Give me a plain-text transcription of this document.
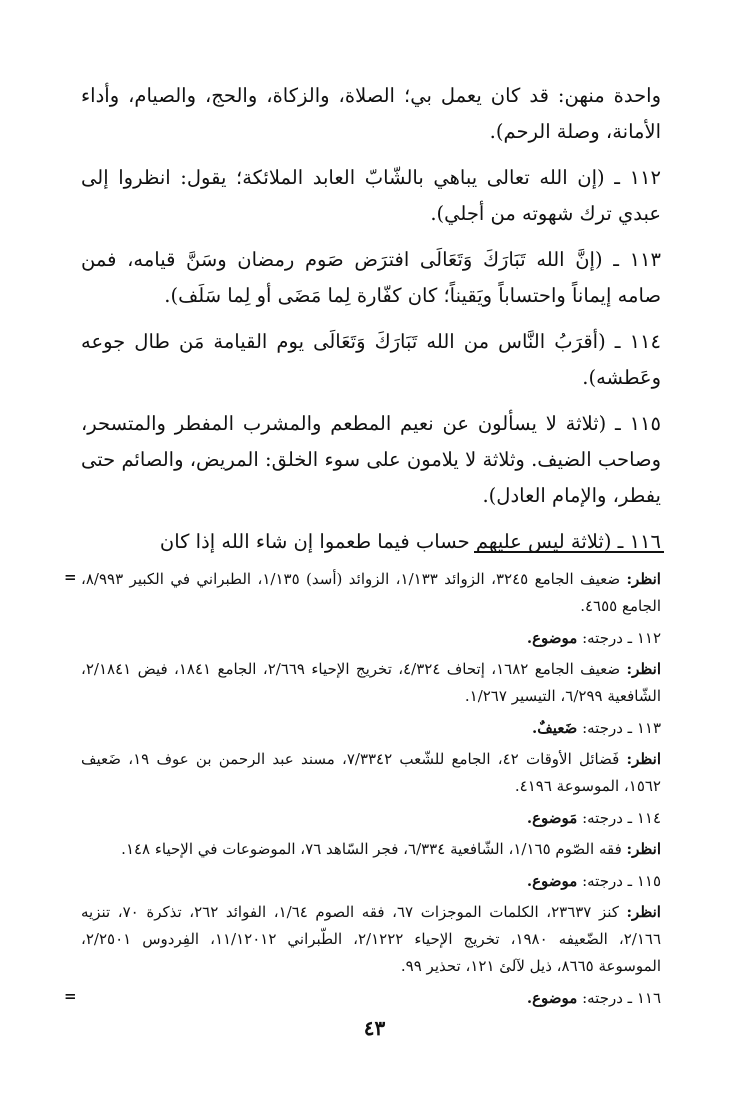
واحدة منهن: قد كان يعمل بي؛ الصلاة، والزكاة، والحج، والصيام، وأداء الأمانة، وصلة الرحم).

١١٢ ـ (إن الله تعالى يباهي بالشّابّ العابد الملائكة؛ يقول: انظروا إلى عبدي ترك شهوته من أجلي).

١١٣ ـ (إنَّ الله تَبَارَكَ وَتَعَالَى افترَض صَوم رمضان وسَنَّ قيامه، فمن صامه إيماناً واحتساباً ويَقيناً؛ كان كفّارة لِما مَضَى أو لِما سَلَف).

١١٤ ـ (أقرَبُ النَّاس من الله تَبَارَكَ وَتَعَالَى يوم القيامة مَن طال جوعه وعَطشه).

١١٥ ـ (ثلاثة لا يسألون عن نعيم المطعم والمشرب المفطر والمتسحر، وصاحب الضيف. وثلاثة لا يلامون على سوء الخلق: المريض، والصائم حتى يفطر، والإمام العادل).

١١٦ ـ (ثلاثة ليس عليهم حساب فيما طعموا إن شاء الله إذا كان

انظر: ضعيف الجامع ٣٢٤٥، الزوائد ١/١٣٣، الزوائد (أسد) ١/١٣٥، الطبراني في الكبير ٨/٩٩٣، الجامع ٤٦٥٥.
١١٢ ـ درجته: موضوع.
انظر: ضعيف الجامع ١٦٨٢، إتحاف ٤/٣٢٤، تخريج الإحياء ٢/٦٦٩، الجامع ١٨٤١، فيض ٢/١٨٤١، الشّافعية ٦/٢٩٩، التيسير ١/٢٦٧.
١١٣ ـ درجته: ضَعيفٌ.
انظر: فَضائل الأوقات ٤٢، الجامع للشّعب ٧/٣٣٤٢، مسند عبد الرحمن بن عوف ١٩، ضَعيف ١٥٦٢، الموسوعة ٤١٩٦.
١١٤ ـ درجته: مَوضوع.
انظر: فقه الصّوم ١/١٦٥، الشّافعية ٦/٣٣٤، فجر السّاهد ٧٦، الموضوعات في الإحياء ١٤٨.
١١٥ ـ درجته: موضوع.
انظر: كنز ٢٣٦٣٧، الكلمات الموجزات ٦٧، فقه الصوم ١/٦٤، الفوائد ٢٦٢، تذكرة ٧٠، تنزيه ٢/١٦٦، الضّعيفه ١٩٨٠، تخريج الإحياء ٢/١٢٢٢، الطّبراني ١١/١٢٠١٢، الفِردوس ٢/٢٥٠١، الموسوعة ٨٦٦٥، ذيل لآلئ ١٢١، تحذير ٩٩.
١١٦ ـ درجته: موضوع.
=
=
٤٣
